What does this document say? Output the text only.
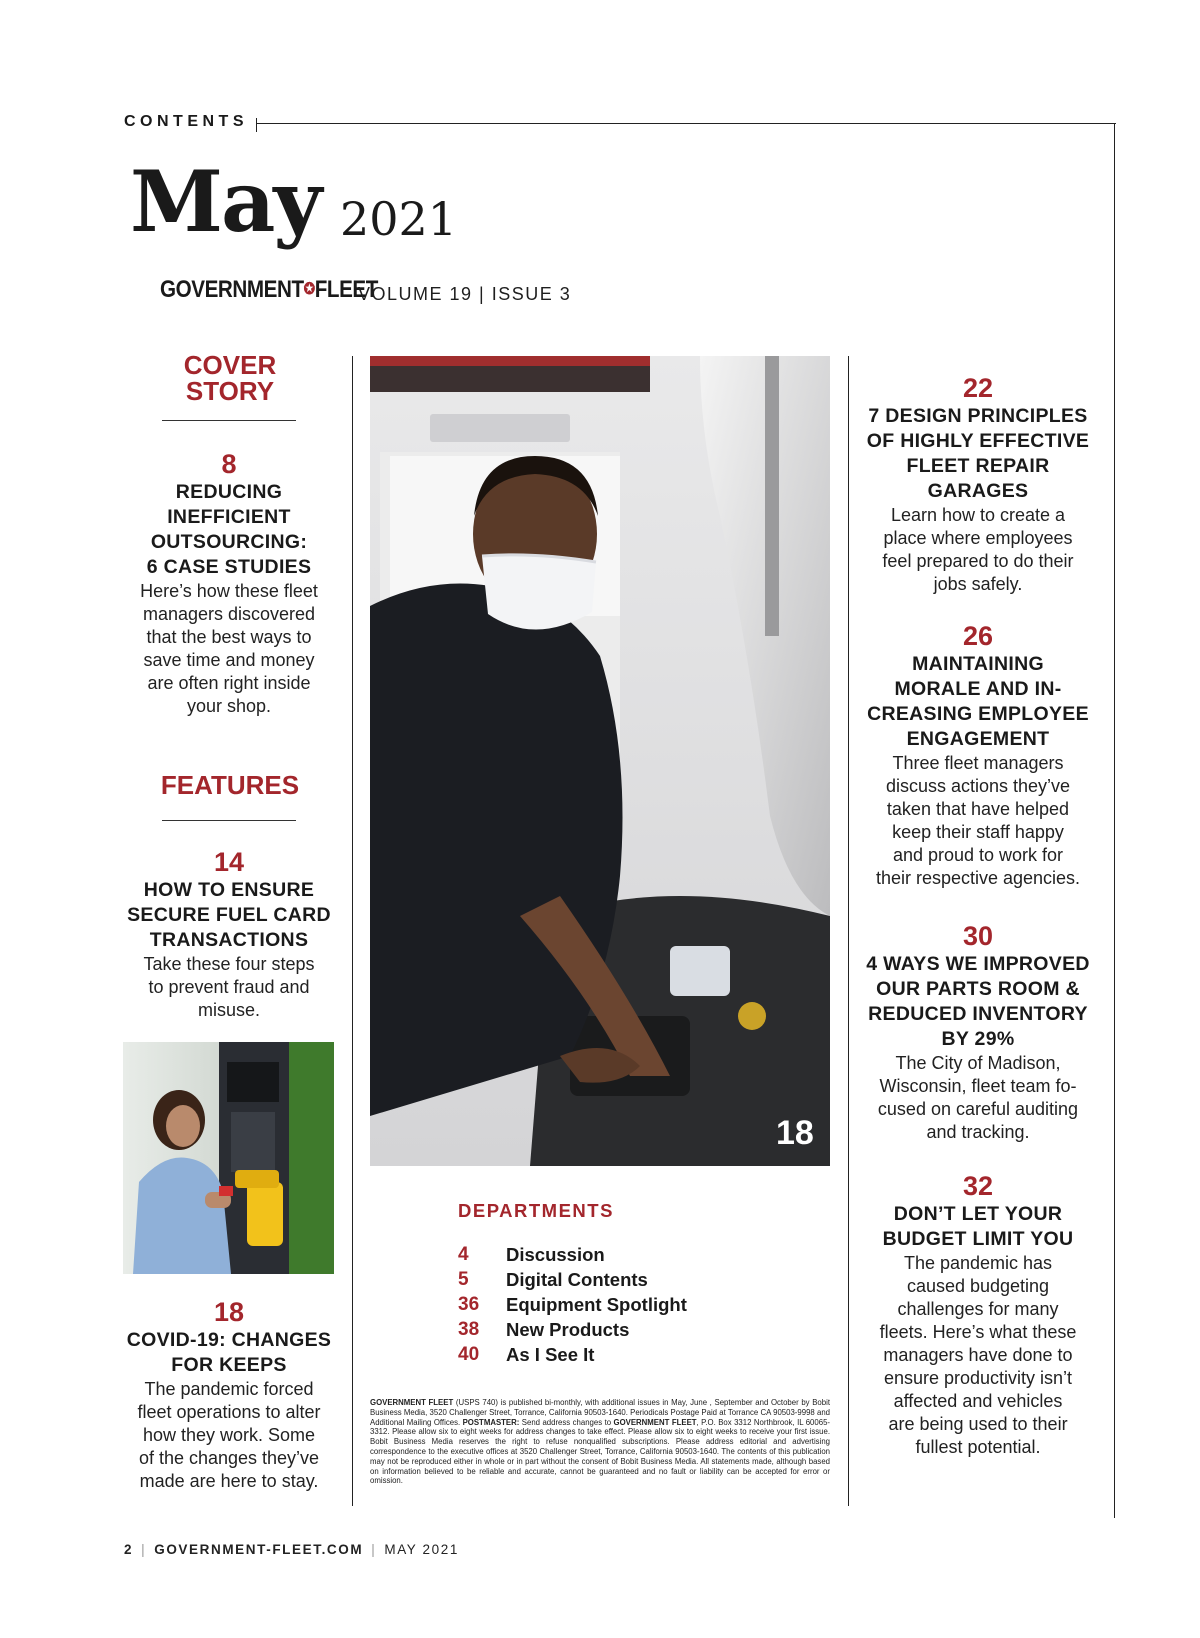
CONTENTS
May 2021
GOVERNMENT✪FLEET
VOLUME 19 | ISSUE 3
COVER
STORY
8
REDUCING
INEFFICIENT
OUTSOURCING:
6 CASE STUDIES
Here’s how these fleet
managers discovered
that the best ways to
save time and money
are often right inside
your shop.
FEATURES
14
HOW TO ENSURE
SECURE FUEL CARD
TRANSACTIONS
Take these four steps
to prevent fraud and
misuse.
18
COVID-19: CHANGES
FOR KEEPS
The pandemic forced
fleet operations to alter
how they work. Some
of the changes they’ve
made are here to stay.
18
22
7 DESIGN PRINCIPLES
OF HIGHLY EFFECTIVE
FLEET REPAIR
GARAGES
Learn how to create a
place where employees
feel prepared to do their
jobs safely.
26
MAINTAINING
MORALE AND IN-
CREASING EMPLOYEE
ENGAGEMENT
Three fleet managers
discuss actions they’ve
taken that have helped
keep their staff happy
and proud to work for
their respective agencies.
30
4 WAYS WE IMPROVED
OUR PARTS ROOM &
REDUCED INVENTORY
BY 29%
The City of Madison,
Wisconsin, fleet team fo-
cused on careful auditing
and tracking.
32
DON’T LET YOUR
BUDGET LIMIT YOU
The pandemic has
caused budgeting
challenges for many
fleets. Here’s what these
managers have done to
ensure productivity isn’t
affected and vehicles
are being used to their
fullest potential.
DEPARTMENTS
4	Discussion
5	Digital Contents
36	Equipment Spotlight
38	New Products
40	As I See It
GOVERNMENT FLEET (USPS 740) is published bi-monthly, with additional issues in May, June , September and October by Bobit Business Media, 3520 Challenger Street, Torrance, California 90503-1640. Periodicals Postage Paid at Torrance CA 90503-9998 and Additional Mailing Offices. POSTMASTER: Send address changes to GOVERNMENT FLEET, P.O. Box 3312 Northbrook, IL 60065-3312. Please allow six to eight weeks for address changes to take effect. Please allow six to eight weeks to receive your first issue. Bobit Business Media reserves the right to refuse nonqualified subscriptions. Please address editorial and advertising correspondence to the executive offices at 3520 Challenger Street, Torrance, California 90503-1640. The contents of this publication may not be reproduced either in whole or in part without the consent of Bobit Business Media. All statements made, although based on information believed to be reliable and accurate, cannot be guaranteed and no fault or liability can be accepted for error or omission.
2 | GOVERNMENT-FLEET.COM | MAY 2021
